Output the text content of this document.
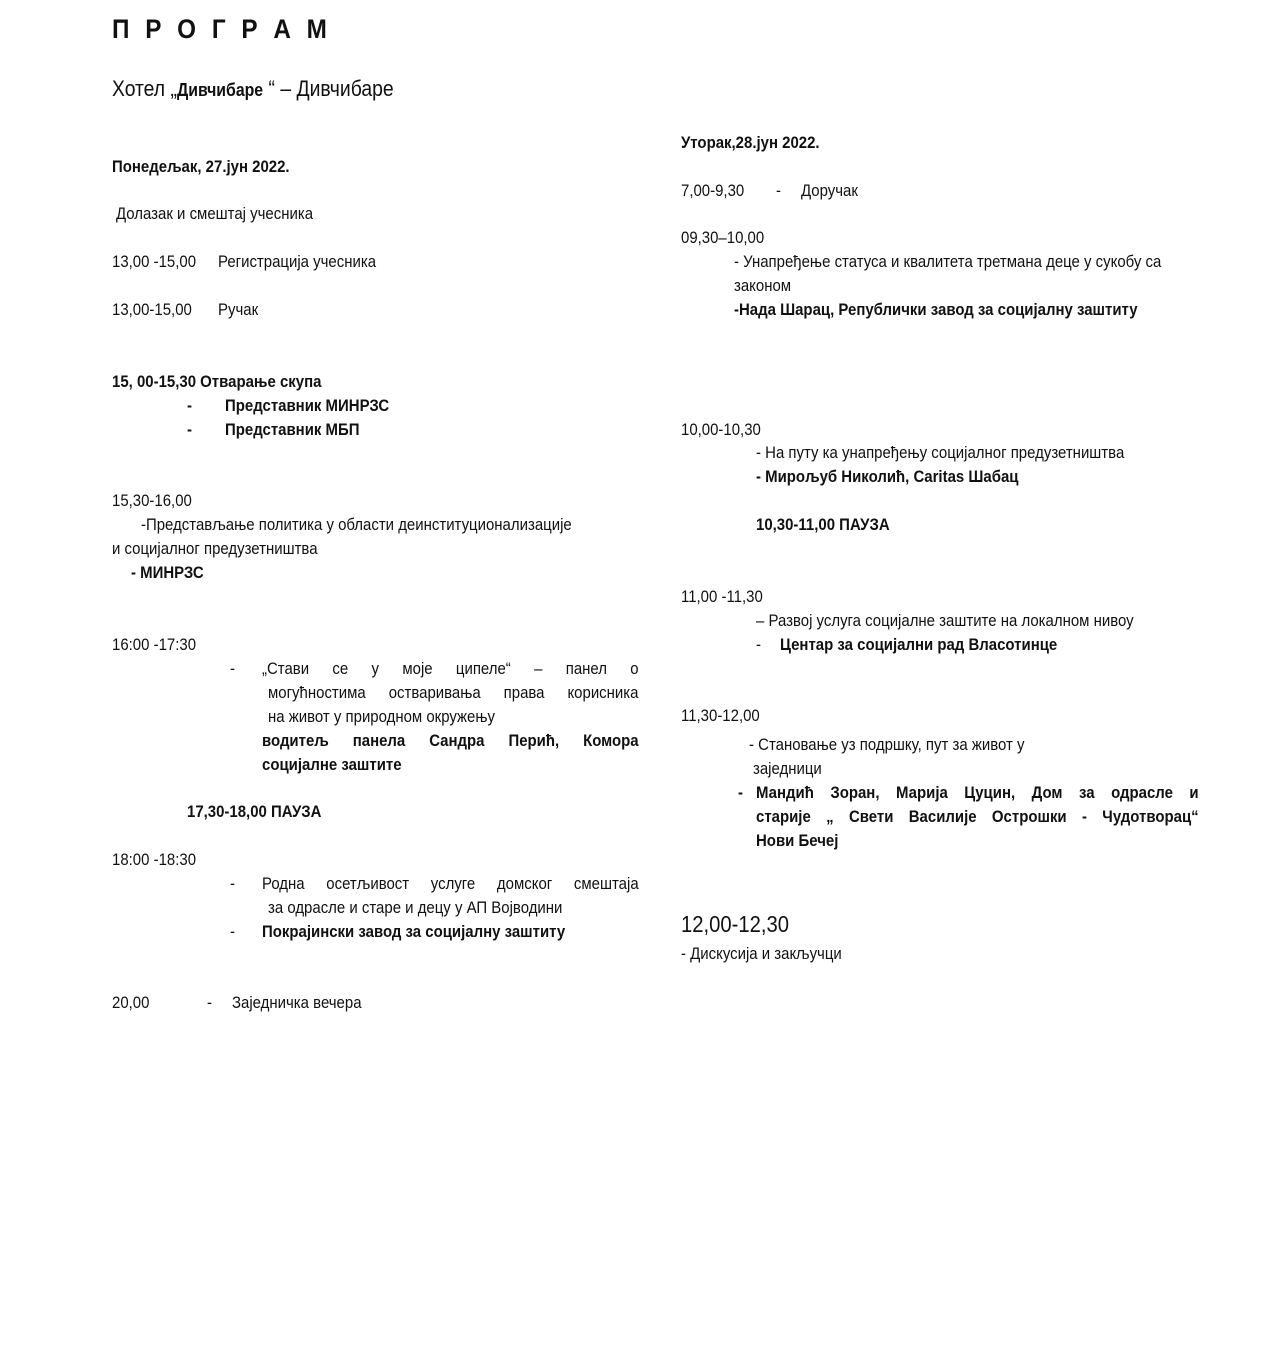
П Р О Г Р А М
Хотел „Дивчибаре “ – Дивчибаре
Понедељак, 27.јун 2022.
Долазак и смештај учесника
13,00 -15,00 Регистрација учесника
13,00-15,00 Ручак
15, 00-15,30 Отварање скупа
- Представник МИНРЗС
- Представник МБП
15,30-16,00
-Представљање политика у области деинституционализације
и социјалног предузетништва
- МИНРЗС
16:00 -17:30
- „Стави се у моје ципеле“ – панел о
могућностима остваривања права корисника
на живот у природном окружењу
водитељ панела Сандра Перић, Комора
социјалне заштите
17,30-18,00 ПАУЗА
18:00 -18:30
- Родна осетљивост услуге домског смештаја
за одрасле и старе и децу у АП Војводини
- Покрајински завод за социјалну заштиту
20,00	- Заједничка вечера
Уторак,28.јун 2022.
7,00-9,30 - Доручак
09,30–10,00
- Унапређење статуса и квалитета третмана деце у сукобу са
законом
-Нада Шарац, Републички завод за социјалну заштиту
10,00-10,30
- На путу ка унапређењу социјалног предузетништва
- Мирољуб Николић, Caritas Шабац
10,30-11,00 ПАУЗА
11,00 -11,30
– Развој услуга социјалне заштите на локалном нивоу
- Центар за социјални рад Власотинце
11,30-12,00
- Становање уз подршку, пут за живот у
заједници
- Мандић Зоран, Марија Цуцин, Дом за одрасле и
старије „ Свети Василије Острошки - Чудотворац“
Нови Бечеј
12,00-12,30
- Дискусија и закључци
